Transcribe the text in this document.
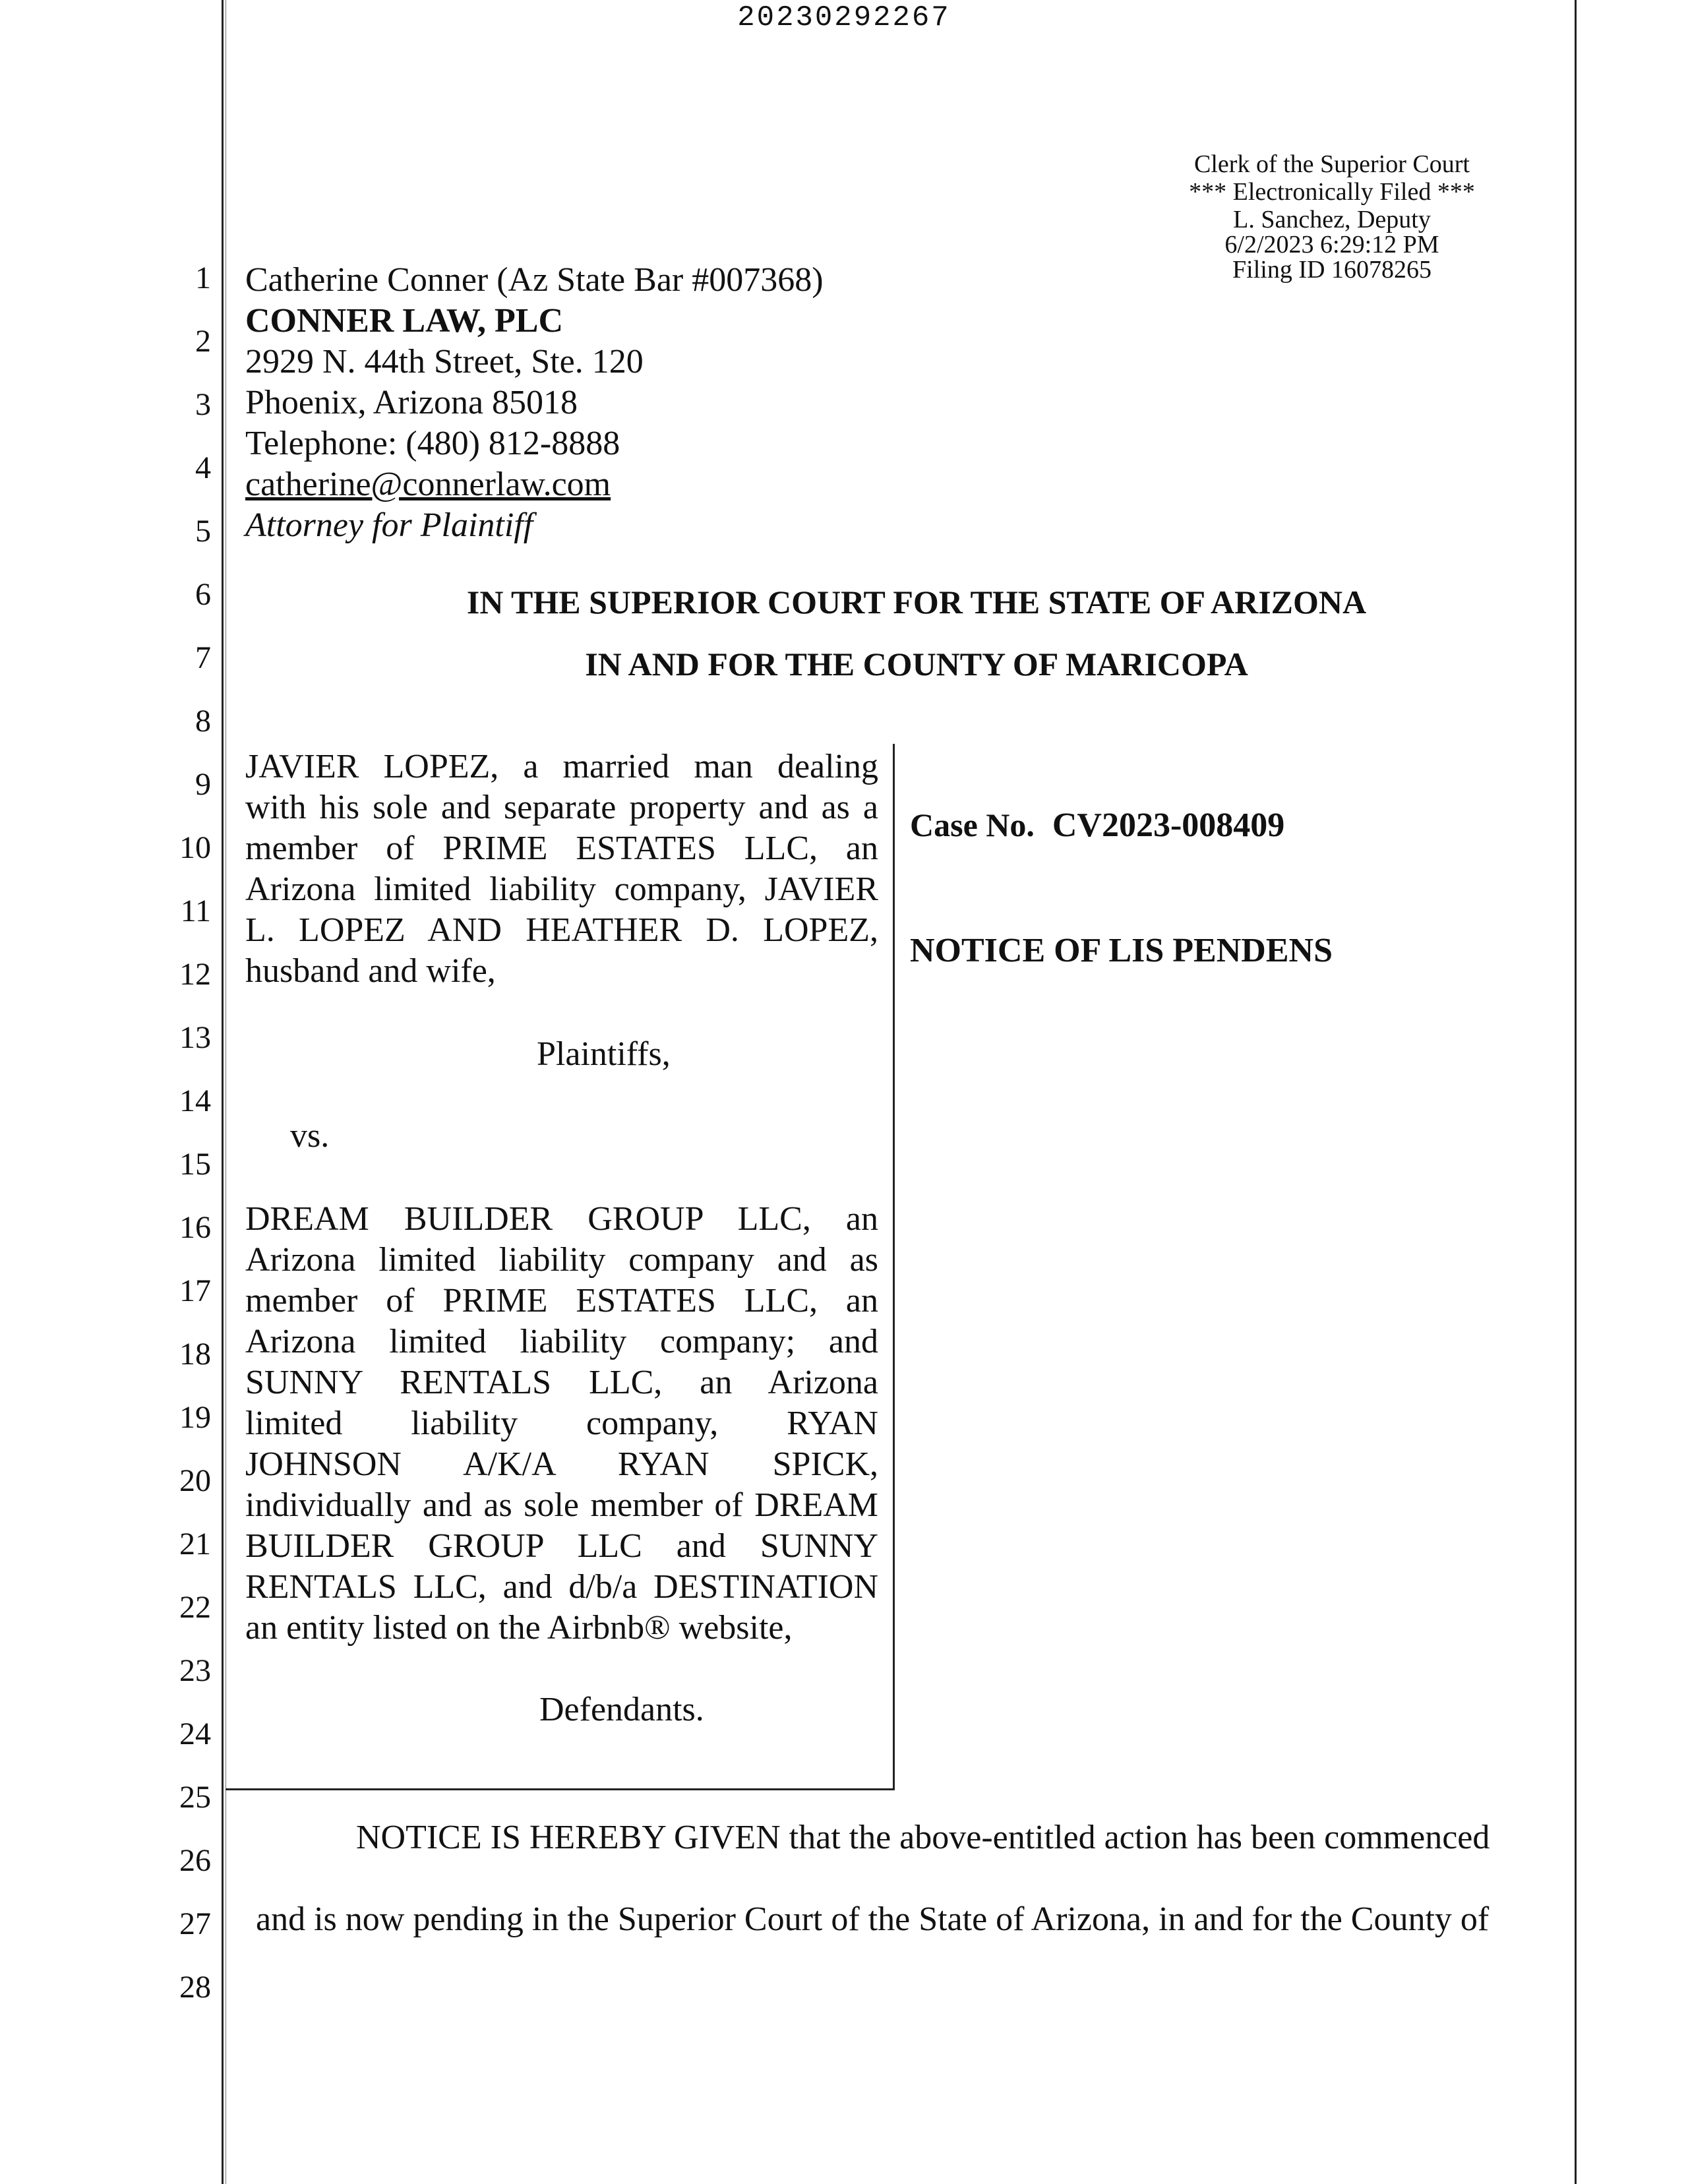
20230292267
1
2
3
4
5
6
7
8
9
10
11
12
13
14
15
16
17
18
19
20
21
22
23
24
25
26
27
28
Clerk of the Superior Court
*** Electronically Filed ***
L. Sanchez, Deputy
6/2/2023 6:29:12 PM
Filing ID 16078265
Catherine Conner (Az State Bar #007368)
CONNER LAW, PLC
2929 N. 44th Street, Ste. 120
Phoenix, Arizona 85018
Telephone: (480) 812-8888
catherine@connerlaw.com
Attorney for Plaintiff
IN THE SUPERIOR COURT FOR THE STATE OF ARIZONA
IN AND FOR THE COUNTY OF MARICOPA
JAVIER LOPEZ, a married man dealing
with his sole and separate property and as a
member of PRIME ESTATES LLC, an
Arizona limited liability company, JAVIER
L. LOPEZ AND HEATHER D. LOPEZ,
husband and wife,
Plaintiffs,
vs.
DREAM BUILDER GROUP LLC, an
Arizona limited liability company and as
member of PRIME ESTATES LLC, an
Arizona limited liability company; and
SUNNY RENTALS LLC, an Arizona
limited liability company, RYAN
JOHNSON A/K/A RYAN SPICK,
individually and as sole member of DREAM
BUILDER GROUP LLC and SUNNY
RENTALS LLC, and d/b/a DESTINATION
an entity listed on the Airbnb® website,
Defendants.
Case No. CV2023-008409
NOTICE OF LIS PENDENS
NOTICE IS HEREBY GIVEN that the above-entitled action has been commenced
and is now pending in the Superior Court of the State of Arizona, in and for the County of
